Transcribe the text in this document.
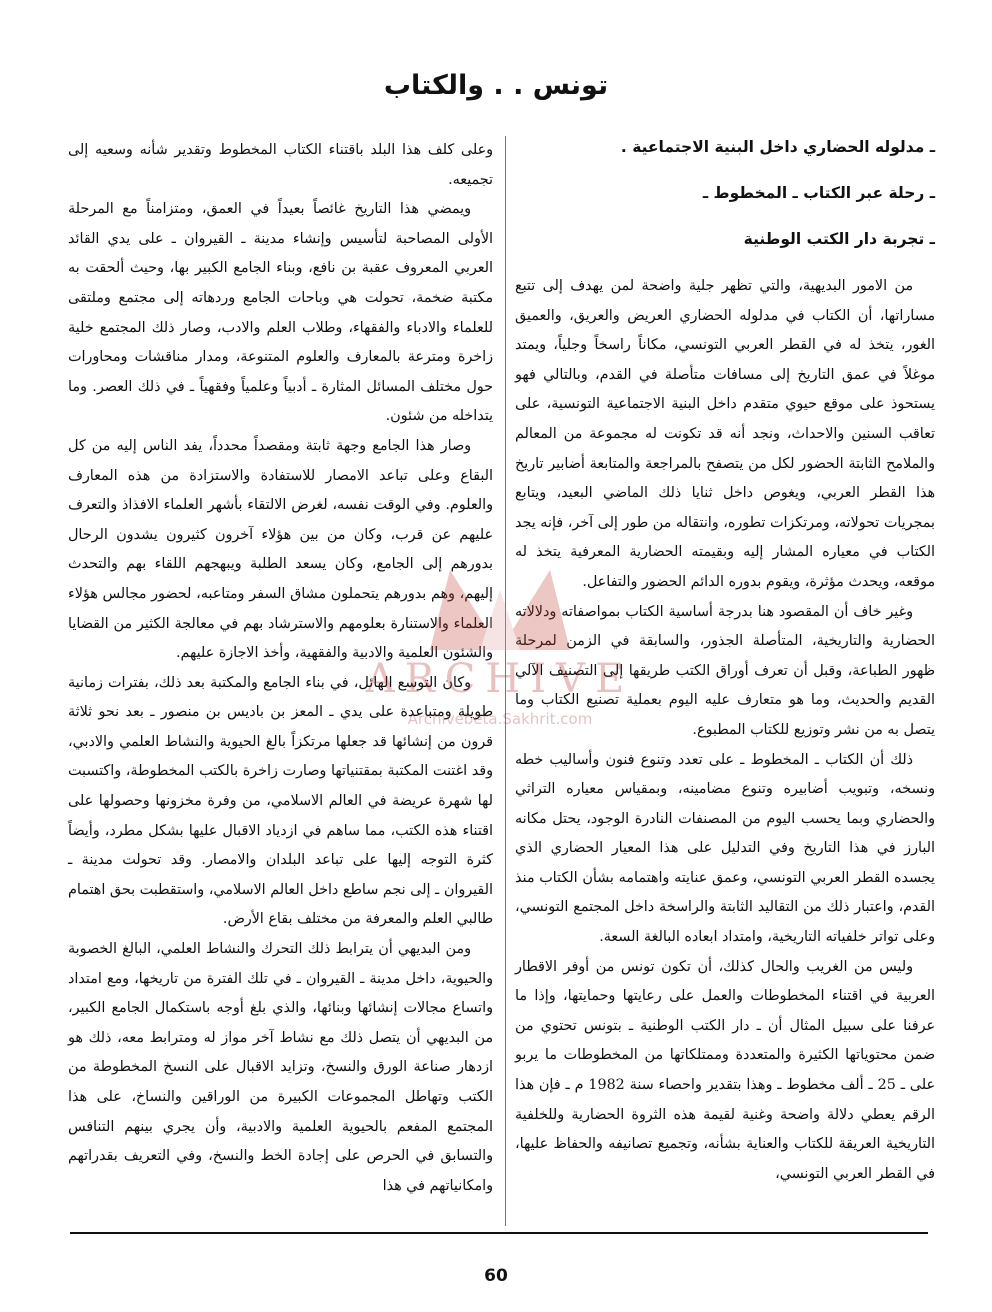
تونس . . والكتاب
ـ مدلوله الحضاري داخل البنية الاجتماعية .
ـ رحلة عبر الكتاب ـ المخطوط ـ
ـ تجربة دار الكتب الوطنية

من الامور البديهية، والتي تظهر جلية واضحة لمن يهدف إلى تتبع مساراتها، أن الكتاب في مدلوله الحضاري العريض والعريق، والعميق الغور، يتخذ له في القطر العربي التونسي، مكاناً راسخاً وجلياً، ويمتد موغلاً في عمق التاريخ إلى مسافات متأصلة في القدم، وبالتالي فهو يستحوذ على موقع حيوي متقدم داخل البنية الاجتماعية التونسية، على تعاقب السنين والاحداث، ونجد أنه قد تكونت له مجموعة من المعالم والملامح الثابتة الحضور لكل من يتصفح بالمراجعة والمتابعة أضابير تاريخ هذا القطر العربي، ويغوص داخل ثنايا ذلك الماضي البعيد، ويتابع بمجريات تحولاته، ومرتكزات تطوره، وانتقاله من طور إلى آخر، فإنه يجد الكتاب في معياره المشار إليه وبقيمته الحضارية المعرفية يتخذ له موقعه، ويحدث مؤثرة، ويقوم بدوره الدائم الحضور والتفاعل.

وغير خاف أن المقصود هنا بدرجة أساسية الكتاب بمواصفاته ودلالاته الحضارية والتاريخية، المتأصلة الجذور، والسابقة في الزمن لمرحلة ظهور الطباعة، وقبل أن تعرف أوراق الكتب طريقها إلى التصنيف الآلي القديم والحديث، وما هو متعارف عليه اليوم بعملية تصنيع الكتاب وما يتصل به من نشر وتوزيع للكتاب المطبوع.

ذلك أن الكتاب ـ المخطوط ـ على تعدد وتنوع فنون وأساليب خطه ونسخه، وتبويب أضابيره وتنوع مضامينه، وبمقياس معياره التراثي والحضاري وبما يحسب اليوم من المصنفات النادرة الوجود، يحتل مكانه البارز في هذا التاريخ وفي التدليل على هذا المعيار الحضاري الذي يجسده القطر العربي التونسي، وعمق عنايته واهتمامه بشأن الكتاب منذ القدم، واعتبار ذلك من التقاليد الثابتة والراسخة داخل المجتمع التونسي، وعلى تواتر خلفياته التاريخية، وامتداد ابعاده البالغة السعة.

وليس من الغريب والحال كذلك، أن تكون تونس من أوفر الاقطار العربية في اقتناء المخطوطات والعمل على رعايتها وحمايتها، وإذا ما عرفنا على سبيل المثال أن ـ دار الكتب الوطنية ـ بتونس تحتوي من ضمن محتوياتها الكثيرة والمتعددة وممتلكاتها من المخطوطات ما يربو على ـ 25 ـ ألف مخطوط ـ وهذا بتقدير واحصاء سنة 1982 م ـ فإن هذا الرقم يعطي دلالة واضحة وغنية لقيمة هذه الثروة الحضارية وللخلفية التاريخية العريقة للكتاب والعناية بشأنه، وتجميع تصانيفه والحفاظ عليها، في القطر العربي التونسي،

وعلى كلف هذا البلد باقتناء الكتاب المخطوط وتقدير شأنه وسعيه إلى تجميعه.

ويمضي هذا التاريخ غائصاً بعيداً في العمق، ومتزامناً مع المرحلة الأولى المصاحبة لتأسيس وإنشاء مدينة ـ القيروان ـ على يدي القائد العربي المعروف عقبة بن نافع، وبناء الجامع الكبير بها، وحيث ألحقت به مكتبة ضخمة، تحولت هي وباحات الجامع وردهاته إلى مجتمع وملتقى للعلماء والادباء والفقهاء، وطلاب العلم والادب، وصار ذلك المجتمع خلية زاخرة ومترعة بالمعارف والعلوم المتنوعة، ومدار مناقشات ومحاورات حول مختلف المسائل المثارة ـ أدبياً وعلمياً وفقهياً ـ في ذلك العصر. وما يتداخله من شئون.

وصار هذا الجامع وجهة ثابتة ومقصداً محدداً، يفد الناس إليه من كل البقاع وعلى تباعد الامصار للاستفادة والاستزادة من هذه المعارف والعلوم. وفي الوقت نفسه، لغرض الالتقاء بأشهر العلماء الافذاذ والتعرف عليهم عن قرب، وكان من بين هؤلاء آخرون كثيرون يشدون الرحال بدورهم إلى الجامع، وكان يسعد الطلبة ويبهجهم اللقاء بهم والتحدث إليهم، وهم بدورهم يتحملون مشاق السفر ومتاعبه، لحضور مجالس هؤلاء العلماء والاستنارة بعلومهم والاسترشاد بهم في معالجة الكثير من القضايا والشئون العلمية والادبية والفقهية، وأخذ الاجازة عليهم.

وكان التوسع الهائل، في بناء الجامع والمكتبة بعد ذلك، بفترات زمانية طويلة ومتباعدة على يدي ـ المعز بن باديس بن منصور ـ بعد نحو ثلاثة قرون من إنشائها قد جعلها مرتكزاً بالغ الحيوية والنشاط العلمي والادبي، وقد اغتنت المكتبة بمقتنياتها وصارت زاخرة بالكتب المخطوطة، واكتسبت لها شهرة عريضة في العالم الاسلامي، من وفرة مخزونها وحصولها على اقتناء هذه الكتب، مما ساهم في ازدياد الاقبال عليها بشكل مطرد، وأيضاً كثرة التوجه إليها على تباعد البلدان والامصار. وقد تحولت مدينة ـ القيروان ـ إلى نجم ساطع داخل العالم الاسلامي، واستقطبت بحق اهتمام طالبي العلم والمعرفة من مختلف بقاع الأرض.

ومن البديهي أن يترابط ذلك التحرك والنشاط العلمي، البالغ الخصوبة والحيوية، داخل مدينة ـ القيروان ـ في تلك الفترة من تاريخها، ومع امتداد واتساع مجالات إنشائها وبنائها، والذي بلغ أوجه باستكمال الجامع الكبير، من البديهي أن يتصل ذلك مع نشاط آخر مواز له ومترابط معه، ذلك هو ازدهار صناعة الورق والنسخ، وتزايد الاقبال على النسخ المخطوطة من الكتب وتهاطل المجموعات الكبيرة من الوراقين والنساخ، على هذا المجتمع المفعم بالحيوية العلمية والادبية، وأن يجري بينهم التنافس والتسابق في الحرص على إجادة الخط والنسخ، وفي التعريف بقدراتهم وامكانياتهم في هذا

ARCHIVE
Archivebeta.Sakhrit.com
60
